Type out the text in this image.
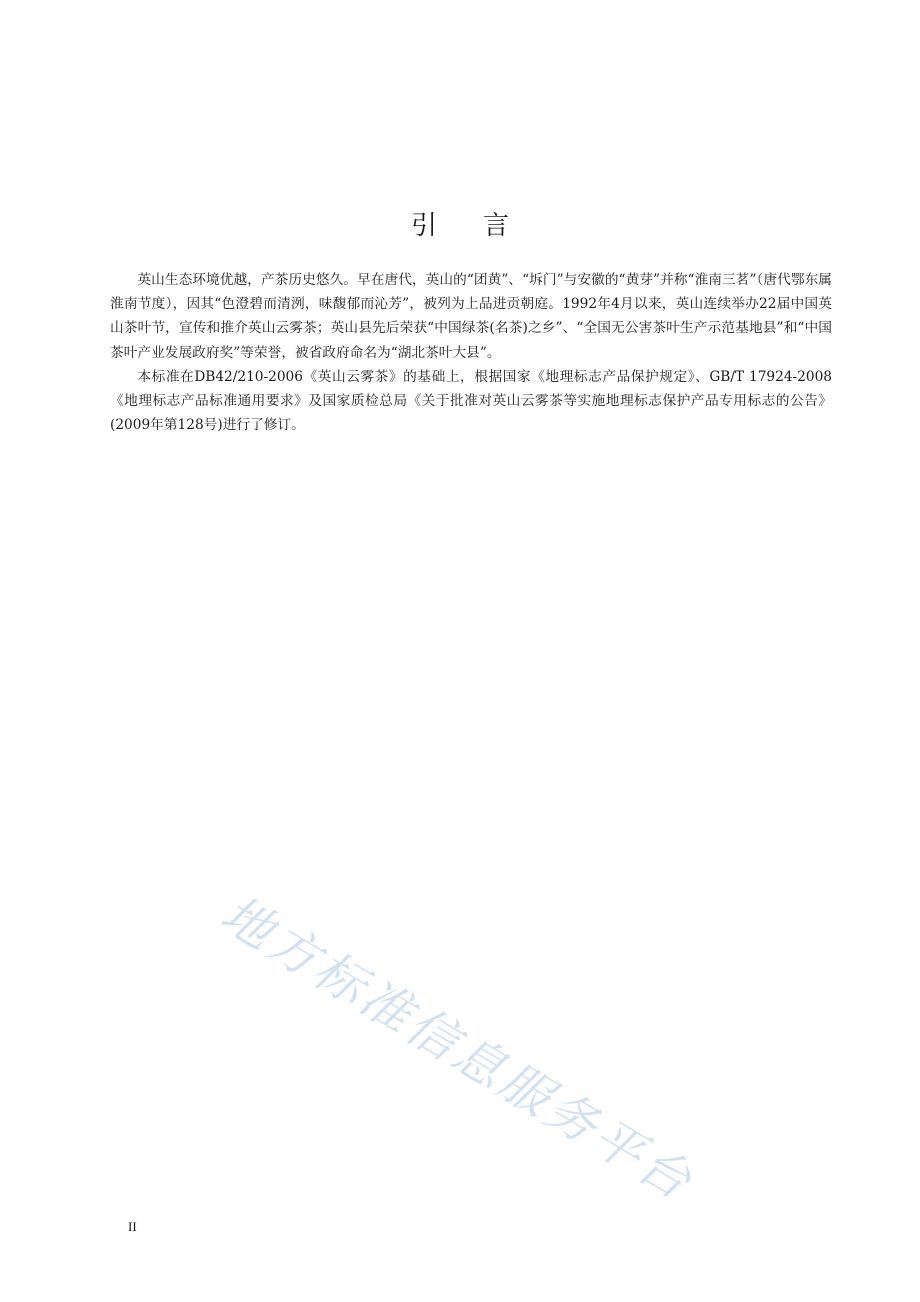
引言

英山生态环境优越，产茶历史悠久。早在唐代，英山的“团黄”、“坼门”与安徽的“黄芽”并称“淮南三茗”（唐代鄂东属淮南节度），因其“色澄碧而清洌，味馥郁而沁芳”，被列为上品进贡朝庭。1992年4月以来，英山连续举办22届中国英山茶叶节，宣传和推介英山云雾茶；英山县先后荣获“中国绿茶(名茶)之乡”、“全国无公害茶叶生产示范基地县”和“中国茶叶产业发展政府奖”等荣誉，被省政府命名为“湖北茶叶大县”。

本标准在DB42/210-2006《英山云雾茶》的基础上，根据国家《地理标志产品保护规定》、GB/T 17924-2008《地理标志产品标准通用要求》及国家质检总局《关于批准对英山云雾茶等实施地理标志保护产品专用标志的公告》(2009年第128号)进行了修订。

地方标准信息服务平台
II
